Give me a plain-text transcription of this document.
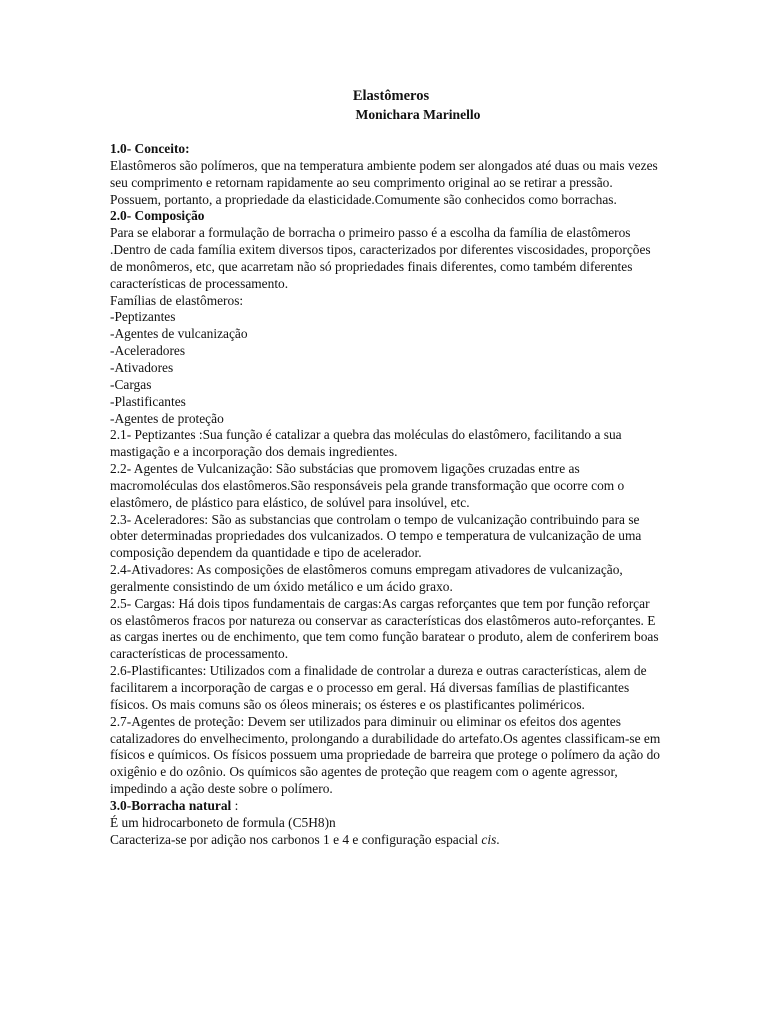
Elastômeros
Monichara Marinello
1.0- Conceito:

Elastômeros são polímeros, que na temperatura ambiente podem ser alongados até duas ou mais vezes seu comprimento e retornam rapidamente ao seu comprimento original ao se retirar a pressão. Possuem, portanto, a propriedade da elasticidade.Comumente são conhecidos como borrachas.

2.0- Composição

Para se elaborar a formulação de borracha o primeiro passo é a escolha da família de elastômeros .Dentro de cada família exitem diversos tipos, caracterizados por diferentes viscosidades, proporções de monômeros, etc, que acarretam não só propriedades finais diferentes, como também diferentes características de processamento.

Famílias de elastômeros:

-Peptizantes
-Agentes de vulcanização
-Aceleradores
-Ativadores
-Cargas
-Plastificantes
-Agentes de proteção

2.1- Peptizantes :Sua função é catalizar a quebra das moléculas do elastômero, facilitando a sua mastigação e a incorporação dos demais ingredientes.

2.2- Agentes de Vulcanização: São substácias que promovem ligações cruzadas entre as macromoléculas dos elastômeros.São responsáveis pela grande transformação que ocorre com o elastômero, de plástico para elástico, de solúvel para insolúvel, etc.

2.3- Aceleradores: São as substancias que controlam o tempo de vulcanização contribuindo para se obter determinadas propriedades dos vulcanizados. O tempo e temperatura de vulcanização de uma composição dependem da quantidade e tipo de acelerador.

2.4-Ativadores: As composições de elastômeros comuns empregam ativadores de vulcanização, geralmente consistindo de um óxido metálico e um ácido graxo.

2.5- Cargas: Há dois tipos fundamentais de cargas:As cargas reforçantes que tem por função reforçar os elastômeros fracos por natureza ou conservar as características dos elastômeros auto-reforçantes. E as cargas inertes ou de enchimento, que tem como função baratear o produto, alem de conferirem boas características de processamento.

2.6-Plastificantes: Utilizados com a finalidade de controlar a dureza e outras características, alem de facilitarem a incorporação de cargas e o processo em geral. Há diversas famílias de plastificantes físicos. Os mais comuns são os óleos minerais; os ésteres e os plastificantes poliméricos.

2.7-Agentes de proteção: Devem ser utilizados para diminuir ou eliminar os efeitos dos agentes catalizadores do envelhecimento, prolongando a durabilidade do artefato.Os agentes classificam-se em físicos e químicos. Os físicos possuem uma propriedade de barreira que protege o polímero da ação do oxigênio e do ozônio. Os químicos são agentes de proteção que reagem com o agente agressor, impedindo a ação deste sobre o polímero.

3.0-Borracha natural :

É um hidrocarboneto de formula (C5H8)n

Caracteriza-se por adição nos carbonos 1 e 4 e configuração espacial cis.
